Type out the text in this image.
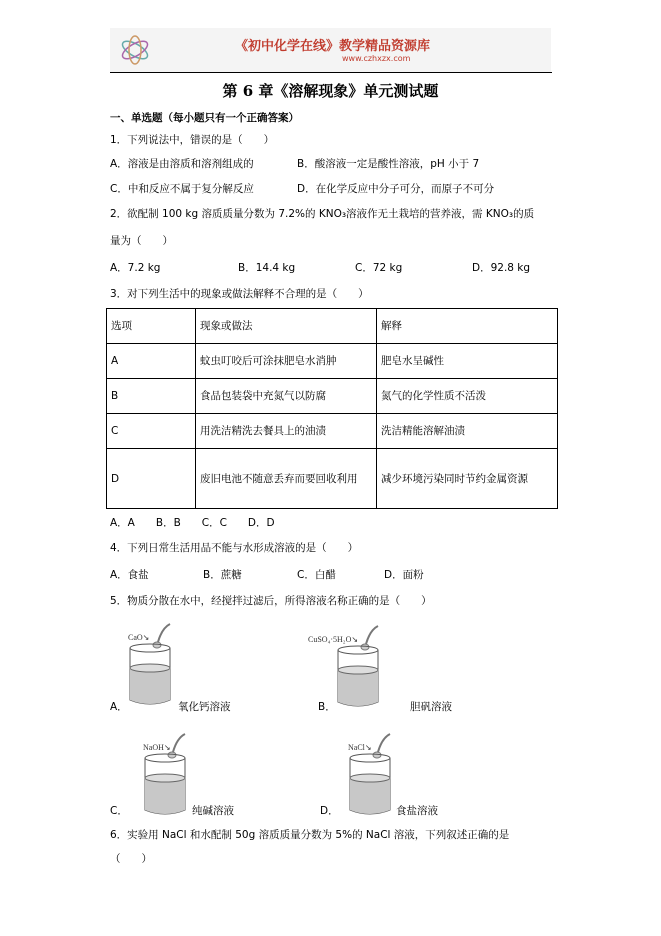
《初中化学在线》教学精品资源库
www.czhxzx.com
第 6 章《溶解现象》单元测试题
一、单选题（每小题只有一个正确答案）
1．下列说法中，错误的是（　　）
A．溶液是由溶质和溶剂组成的	B．酸溶液一定是酸性溶液，pH 小于 7
C．中和反应不属于复分解反应	D．在化学反应中分子可分，而原子不可分
2．欲配制 100 kg 溶质质量分数为 7.2%的 KNO₃溶液作无土栽培的营养液，需 KNO₃的质
量为（　　）
A．7.2 kg	B．14.4 kg	C．72 kg	D．92.8 kg
3．对下列生活中的现象或做法解释不合理的是（　　）
选项	现象或做法	解释
A	蚊虫叮咬后可涂抹肥皂水消肿	肥皂水呈碱性
B	食品包装袋中充氮气以防腐	氮气的化学性质不活泼
C	用洗洁精洗去餐具上的油渍	洗洁精能溶解油渍
D	废旧电池不随意丢弃而要回收利用	减少环境污染同时节约金属资源
A．A　　B．B　　C．C　　D．D
4．下列日常生活用品不能与水形成溶液的是（　　）
A．食盐	B．蔗糖	C．白醋	D．面粉
5．物质分散在水中，经搅拌过滤后，所得溶液名称正确的是（　　）
A．
CaO↘
氧化钙溶液	B．
CuSO₄·5H₂O↘
胆矾溶液
C．
NaOH↘
纯碱溶液	D．
NaCl↘
食盐溶液
6．实验用 NaCl 和水配制 50g 溶质质量分数为 5%的 NaCl 溶液，下列叙述正确的是
（　　）
